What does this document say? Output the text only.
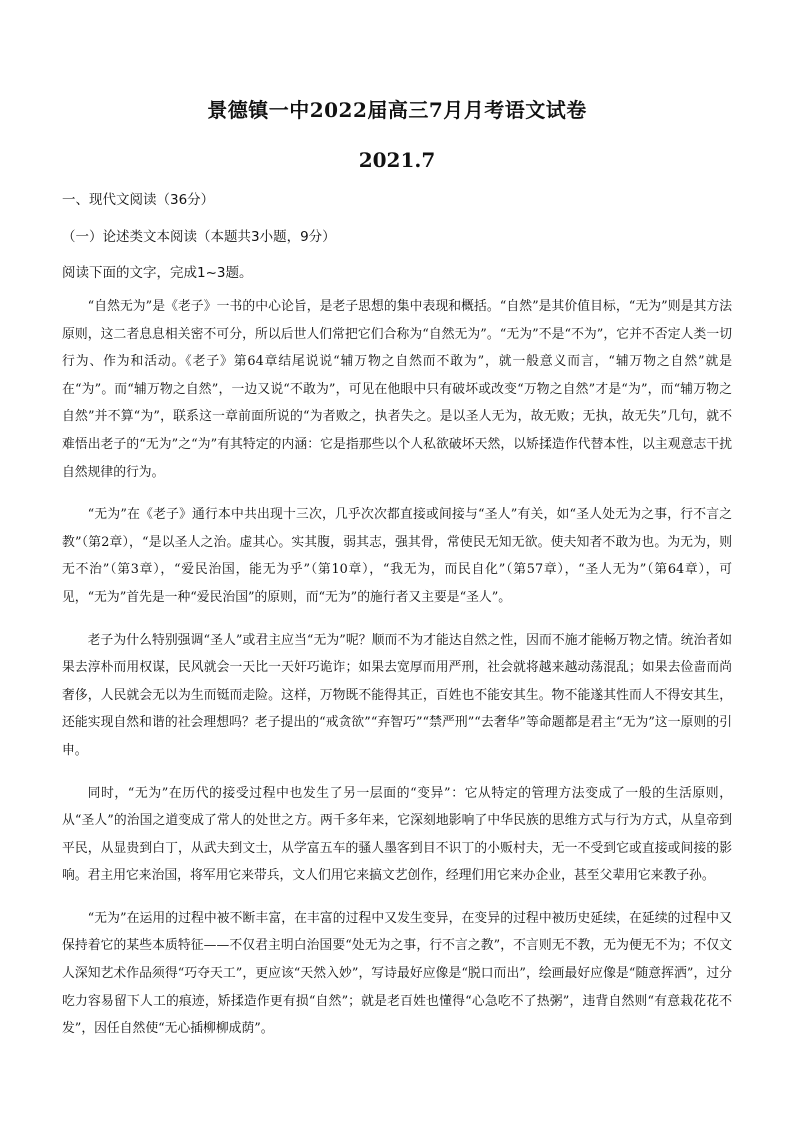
景德镇一中2022届高三7月月考语文试卷
2021.7

一、现代文阅读（36分）

（一）论述类文本阅读（本题共3小题，9分）

阅读下面的文字，完成1~3题。

“自然无为”是《老子》一书的中心论旨，是老子思想的集中表现和概括。“自然”是其价值目标，“无为”则是其方法原则，这二者息息相关密不可分，所以后世人们常把它们合称为“自然无为”。“无为”不是“不为”，它并不否定人类一切行为、作为和活动。《老子》第64章结尾说说“辅万物之自然而不敢为”，就一般意义而言，“辅万物之自然”就是在“为”。而“辅万物之自然”，一边又说“不敢为”，可见在他眼中只有破坏或改变“万物之自然”才是“为”，而“辅万物之自然”并不算“为”，联系这一章前面所说的“为者败之，执者失之。是以圣人无为，故无败；无执，故无失”几句，就不难悟出老子的“无为”之“为”有其特定的内涵：它是指那些以个人私欲破坏天然，以矫揉造作代替本性，以主观意志干扰自然规律的行为。

“无为”在《老子》通行本中共出现十三次，几乎次次都直接或间接与“圣人”有关，如“圣人处无为之事，行不言之教”（第2章），“是以圣人之治。虚其心。实其腹，弱其志，强其骨，常使民无知无欲。使夫知者不敢为也。为无为，则无不治”（第3章），“爱民治国，能无为乎”（第10章），“我无为，而民自化”（第57章），“圣人无为”（第64章），可见，“无为”首先是一种“爱民治国”的原则，而“无为”的施行者又主要是“圣人”。

老子为什么特别强调“圣人”或君主应当“无为”呢？顺而不为才能达自然之性，因而不施才能畅万物之情。统治者如果去淳朴而用权谋，民风就会一天比一天奸巧诡诈；如果去宽厚而用严刑，社会就将越来越动荡混乱；如果去俭啬而尚奢侈，人民就会无以为生而铤而走险。这样，万物既不能得其正，百姓也不能安其生。物不能遂其性而人不得安其生，还能实现自然和谐的社会理想吗？老子提出的“戒贪欲”“弃智巧”“禁严刑”“去奢华”等命题都是君主“无为”这一原则的引申。

同时，“无为”在历代的接受过程中也发生了另一层面的“变异”：它从特定的管理方法变成了一般的生活原则，从“圣人”的治国之道变成了常人的处世之方。两千多年来，它深刻地影响了中华民族的思维方式与行为方式，从皇帝到平民，从显贵到白丁，从武夫到文士，从学富五车的骚人墨客到目不识丁的小贩村夫，无一不受到它或直接或间接的影响。君主用它来治国，将军用它来带兵，文人们用它来搞文艺创作，经理们用它来办企业，甚至父辈用它来教子孙。

“无为”在运用的过程中被不断丰富，在丰富的过程中又发生变异，在变异的过程中被历史延续，在延续的过程中又保持着它的某些本质特征——不仅君主明白治国要“处无为之事，行不言之教”，不言则无不教，无为便无不为；不仅文人深知艺术作品须得“巧夺天工”，更应该“天然入妙”，写诗最好应像是“脱口而出”，绘画最好应像是“随意挥洒”，过分吃力容易留下人工的痕迹，矫揉造作更有损“自然”；就是老百姓也懂得“心急吃不了热粥”，违背自然则“有意栽花花不发”，因任自然使“无心插柳柳成荫”。
